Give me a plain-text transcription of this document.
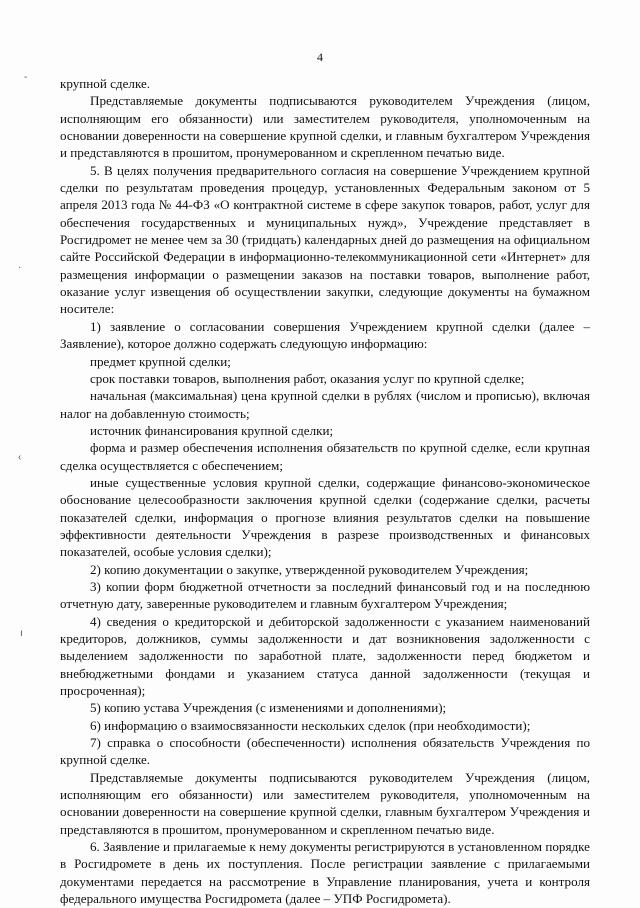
4
-
·
‹
ı

крупной сделке.

Представляемые документы подписываются руководителем Учреждения (лицом, исполняющим его обязанности) или заместителем руководителя, уполномоченным на основании доверенности на совершение крупной сделки, и главным бухгалтером Учреждения и представляются в прошитом, пронумерованном и скрепленном печатью виде.

5. В целях получения предварительного согласия на совершение Учреждением крупной сделки по результатам проведения процедур, установленных Федеральным законом от 5 апреля 2013 года № 44-ФЗ «О контрактной системе в сфере закупок товаров, работ, услуг для обеспечения государственных и муниципальных нужд», Учреждение представляет в Росгидромет не менее чем за 30 (тридцать) календарных дней до размещения на официальном сайте Российской Федерации в информационно-телекоммуникационной сети «Интернет» для размещения информации о размещении заказов на поставки товаров, выполнение работ, оказание услуг извещения об осуществлении закупки, следующие документы на бумажном носителе:

1) заявление о согласовании совершения Учреждением крупной сделки (далее – Заявление), которое должно содержать следующую информацию:

предмет крупной сделки;

срок поставки товаров, выполнения работ, оказания услуг по крупной сделке;

начальная (максимальная) цена крупной сделки в рублях (числом и прописью), включая налог на добавленную стоимость;

источник финансирования крупной сделки;

форма и размер обеспечения исполнения обязательств по крупной сделке, если крупная сделка осуществляется с обеспечением;

иные существенные условия крупной сделки, содержащие финансово-экономическое обоснование целесообразности заключения крупной сделки (содержание сделки, расчеты показателей сделки, информация о прогнозе влияния результатов сделки на повышение эффективности деятельности Учреждения в разрезе производственных и финансовых показателей, особые условия сделки);

2) копию документации о закупке, утвержденной руководителем Учреждения;

3) копии форм бюджетной отчетности за последний финансовый год и на последнюю отчетную дату, заверенные руководителем и главным бухгалтером Учреждения;

4) сведения о кредиторской и дебиторской задолженности с указанием наименований кредиторов, должников, суммы задолженности и дат возникновения задолженности с выделением задолженности по заработной плате, задолженности перед бюджетом и внебюджетными фондами и указанием статуса данной задолженности (текущая и просроченная);

5) копию устава Учреждения (с изменениями и дополнениями);

6) информацию о взаимосвязанности нескольких сделок (при необходимости);

7) справка о способности (обеспеченности) исполнения обязательств Учреждения по крупной сделке.

Представляемые документы подписываются руководителем Учреждения (лицом, исполняющим его обязанности) или заместителем руководителя, уполномоченным на основании доверенности на совершение крупной сделки, главным бухгалтером Учреждения и представляются в прошитом, пронумерованном и скрепленном печатью виде.

6. Заявление и прилагаемые к нему документы регистрируются в установленном порядке в Росгидромете в день их поступления. После регистрации заявление с прилагаемыми документами передается на рассмотрение в Управление планирования, учета и контроля федерального имущества Росгидромета (далее – УПФ Росгидромета).
